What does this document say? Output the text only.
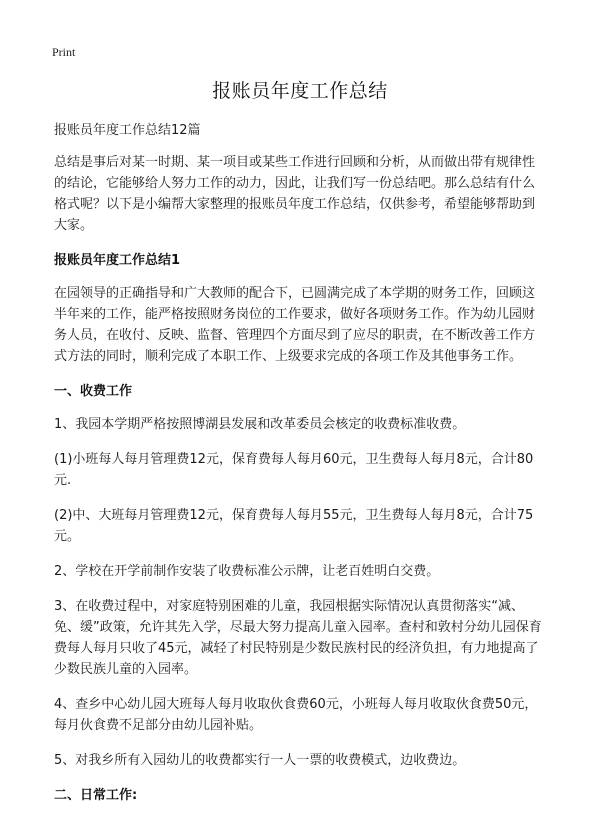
Print
报账员年度工作总结

报账员年度工作总结12篇

总结是事后对某一时期、某一项目或某些工作进行回顾和分析，从而做出带有规律性的结论，它能够给人努力工作的动力，因此，让我们写一份总结吧。那么总结有什么格式呢？以下是小编帮大家整理的报账员年度工作总结，仅供参考，希望能够帮助到大家。

报账员年度工作总结1

在园领导的正确指导和广大教师的配合下，已圆满完成了本学期的财务工作，回顾这半年来的工作，能严格按照财务岗位的工作要求，做好各项财务工作。作为幼儿园财务人员，在收付、反映、监督、管理四个方面尽到了应尽的职责，在不断改善工作方式方法的同时，顺利完成了本职工作、上级要求完成的各项工作及其他事务工作。

一、收费工作

1、我园本学期严格按照博湖县发展和改革委员会核定的收费标准收费。

(1)小班每人每月管理费12元，保育费每人每月60元，卫生费每人每月8元，合计80元.

(2)中、大班每月管理费12元，保育费每人每月55元，卫生费每人每月8元，合计75元。

2、学校在开学前制作安装了收费标准公示牌，让老百姓明白交费。

3、在收费过程中，对家庭特别困难的儿童，我园根据实际情况认真贯彻落实“减、免、缓”政策，允许其先入学，尽最大努力提高儿童入园率。查村和敦村分幼儿园保育费每人每月只收了45元，减轻了村民特别是少数民族村民的经济负担，有力地提高了少数民族儿童的入园率。

4、查乡中心幼儿园大班每人每月收取伙食费60元，小班每人每月收取伙食费50元，每月伙食费不足部分由幼儿园补贴。

5、对我乡所有入园幼儿的收费都实行一人一票的收费模式，边收费边。

二、日常工作:
